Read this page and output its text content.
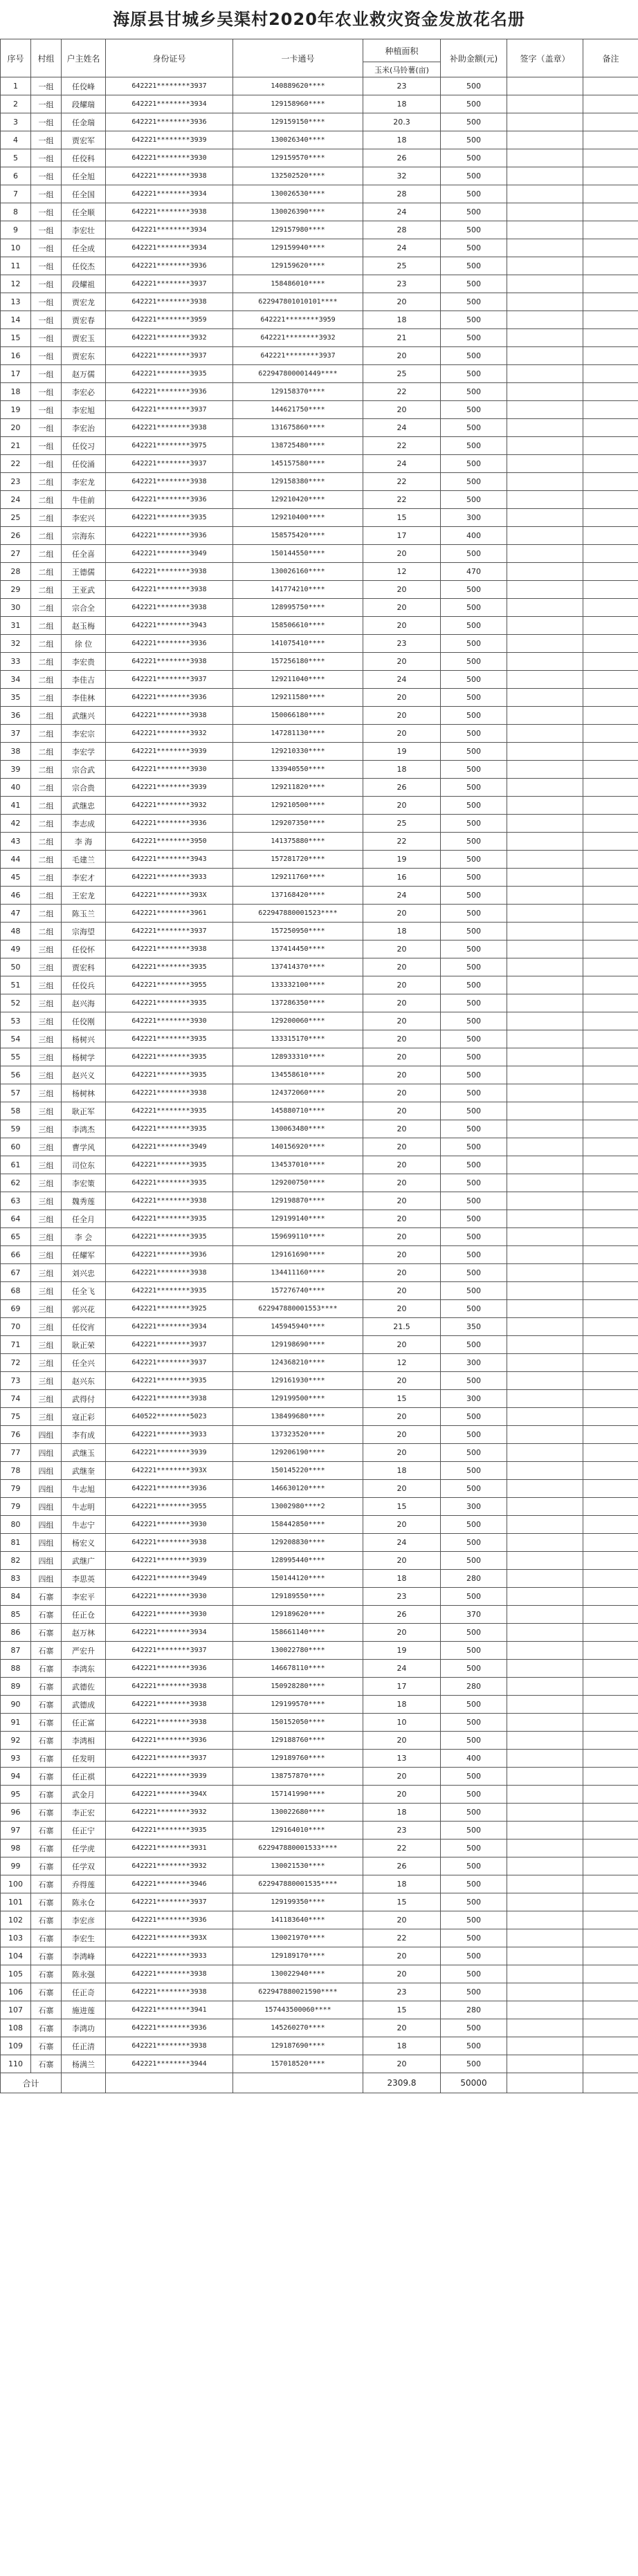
海原县甘城乡吴渠村2020年农业救灾资金发放花名册
序号	村组	户主姓名	身份证号	一卡通号	种植面积	补助金额(元)	签字（盖章）	备注
					玉米(马铃薯(亩)			
1	一组	任佼峰	642221********3937	140889620****	23	500		
2	一组	段耀瑞	642221********3934	129158960****	18	500		
3	一组	任金瑞	642221********3936	129159150****	20.3	500		
4	一组	贾宏军	642221********3939	130026340****	18	500		
5	一组	任佼科	642221********3930	129159570****	26	500		
6	一组	任全旭	642221********3938	132502520****	32	500		
7	一组	任全国	642221********3934	130026530****	28	500		
8	一组	任全顺	642221********3938	130026390****	24	500		
9	一组	李宏壮	642221********3934	129157980****	28	500		
10	一组	任全成	642221********3934	129159940****	24	500		
11	一组	任佼杰	642221********3936	129159620****	25	500		
12	一组	段耀祖	642221********3937	158486010****	23	500		
13	一组	贾宏龙	642221********3938	622947801010101****	20	500		
14	一组	贾宏春	642221********3959	642221********3959	18	500		
15	一组	贾宏玉	642221********3932	642221********3932	21	500		
16	一组	贾宏东	642221********3937	642221********3937	20	500		
17	一组	赵万儒	642221********3935	622947800001449****	25	500		
18	一组	李宏必	642221********3936	129158370****	22	500		
19	一组	李宏旭	642221********3937	144621750****	20	500		
20	一组	李宏治	642221********3938	131675860****	24	500		
21	一组	任佼习	642221********3975	138725480****	22	500		
22	一组	任佼涌	642221********3937	145157580****	24	500		
23	二组	李宏龙	642221********3938	129158380****	22	500		
24	二组	牛佳前	642221********3936	129210420****	22	500		
25	二组	李宏兴	642221********3935	129210400****	15	300		
26	二组	宗海东	642221********3936	158575420****	17	400		
27	二组	任全喜	642221********3949	150144550****	20	500		
28	二组	王德儒	642221********3938	130026160****	12	470		
29	二组	王亚武	642221********3938	141774210****	20	500		
30	二组	宗合全	642221********3938	128995750****	20	500		
31	二组	赵玉梅	642221********3943	158506610****	20	500		
32	二组	徐 位	642221********3936	141075410****	23	500		
33	二组	李宏贵	642221********3938	157256180****	20	500		
34	二组	李佳吉	642221********3937	129211040****	24	500		
35	二组	李佳林	642221********3936	129211580****	20	500		
36	二组	武继兴	642221********3938	150066180****	20	500		
37	二组	李宏宗	642221********3932	147281130****	20	500		
38	二组	李宏学	642221********3939	129210330****	19	500		
39	二组	宗合武	642221********3930	133940550****	18	500		
40	二组	宗合贵	642221********3939	129211820****	26	500		
41	二组	武继忠	642221********3932	129210500****	20	500		
42	二组	李志成	642221********3936	129207350****	25	500		
43	二组	李 海	642221********3950	141375880****	22	500		
44	二组	毛建兰	642221********3943	157281720****	19	500		
45	二组	李宏才	642221********3933	129211760****	16	500		
46	二组	王宏龙	642221********393X	137168420****	24	500		
47	二组	陈玉兰	642221********3961	622947880001523****	20	500		
48	二组	宗海望	642221********3937	157250950****	18	500		
49	三组	任佼怀	642221********3938	137414450****	20	500		
50	三组	贾宏科	642221********3935	137414370****	20	500		
51	三组	任佼兵	642221********3955	133332100****	20	500		
52	三组	赵兴海	642221********3935	137286350****	20	500		
53	三组	任佼刚	642221********3930	129200060****	20	500		
54	三组	杨树兴	642221********3935	133315170****	20	500		
55	三组	杨树学	642221********3935	128933310****	20	500		
56	三组	赵兴义	642221********3935	134558610****	20	500		
57	三组	杨树林	642221********3938	124372060****	20	500		
58	三组	耿正军	642221********3935	145880710****	20	500		
59	三组	李鸿杰	642221********3935	130063480****	20	500		
60	三组	曹学风	642221********3949	140156920****	20	500		
61	三组	司位东	642221********3935	134537010****	20	500		
62	三组	李宏策	642221********3935	129200750****	20	500		
63	三组	魏秀莲	642221********3938	129198870****	20	500		
64	三组	任全月	642221********3935	129199140****	20	500		
65	三组	李 会	642221********3935	159699110****	20	500		
66	三组	任耀军	642221********3936	129161690****	20	500		
67	三组	刘兴忠	642221********3938	134411160****	20	500		
68	三组	任全飞	642221********3935	157276740****	20	500		
69	三组	郭兴花	642221********3925	622947880001553****	20	500		
70	三组	任佼宵	642221********3934	145945940****	21.5	350		
71	三组	耿正荣	642221********3937	129198690****	20	500		
72	三组	任全兴	642221********3937	124368210****	12	300		
73	三组	赵兴东	642221********3935	129161930****	20	500		
74	三组	武得付	642221********3938	129199500****	15	300		
75	三组	寇正彩	640522********5023	138499680****	20	500		
76	四组	李有成	642221********3933	137323520****	20	500		
77	四组	武继玉	642221********3939	129206190****	20	500		
78	四组	武继奎	642221********393X	150145220****	18	500		
79	四组	牛志旭	642221********3936	146630120****	20	500		
79	四组	牛志明	642221********3955	13002980****2	15	300		
80	四组	牛志宁	642221********3930	158442850****	20	500		
81	四组	杨宏义	642221********3938	129208830****	24	500		
82	四组	武继广	642221********3939	128995440****	20	500		
83	四组	李思英	642221********3949	150144120****	18	280		
84	石寨	李宏平	642221********3930	129189550****	23	500		
85	石寨	任正仓	642221********3930	129189620****	26	370		
86	石寨	赵万林	642221********3934	158661140****	20	500		
87	石寨	严宏升	642221********3937	130022780****	19	500		
88	石寨	李鸿东	642221********3936	146678110****	24	500		
89	石寨	武德佐	642221********3938	150928280****	17	280		
90	石寨	武德成	642221********3938	129199570****	18	500		
91	石寨	任正富	642221********3938	150152050****	10	500		
92	石寨	李鸿相	642221********3936	129188760****	20	500		
93	石寨	任发明	642221********3937	129189760****	13	400		
94	石寨	任正祺	642221********3939	138757870****	20	500		
95	石寨	武金月	642221********394X	157141990****	20	500		
96	石寨	李正宏	642221********3932	130022680****	18	500		
97	石寨	任正宁	642221********3935	129164010****	23	500		
98	石寨	任学虎	642221********3931	622947880001533****	22	500		
99	石寨	任学双	642221********3932	130021530****	26	500		
100	石寨	乔得莲	642221********3946	622947880001535****	18	500		
101	石寨	陈永仓	642221********3937	129199350****	15	500		
102	石寨	李宏彦	642221********3936	141183640****	20	500		
103	石寨	李宏生	642221********393X	130021970****	22	500		
104	石寨	李鸿峰	642221********3933	129189170****	20	500		
105	石寨	陈永强	642221********3938	130022940****	20	500		
106	石寨	任正奇	642221********3938	622947880021590****	23	500		
107	石寨	施进莲	642221********3941	157443500060****	15	280		
108	石寨	李鸿功	642221********3936	145260270****	20	500		
109	石寨	任正清	642221********3938	129187690****	18	500		
110	石寨	杨满兰	642221********3944	157018520****	20	500		
合计					2309.8	50000		
